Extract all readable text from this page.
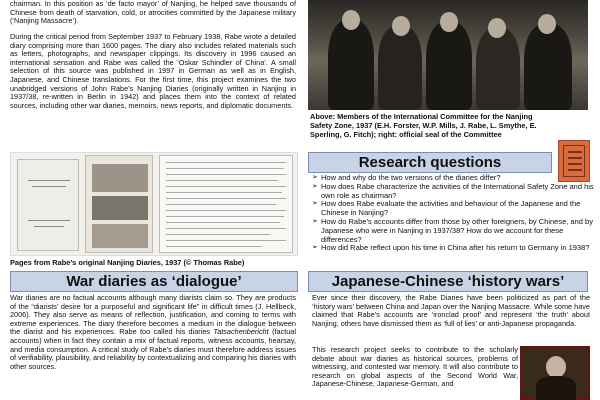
chairman. In this position as ‘de facto mayor’ of Nanjing, he helped save thousands of Chinese from death of starvation, cold, or atrocities committed by the Japanese military (‘Nanjing Massacre’).

During the critical period from September 1937 to February 1938, Rabe wrote a detailed diary comprising more than 1600 pages. The diary also includes related materials such as letters, photographs, and newspaper clippings. Its discovery in 1996 caused an international sensation and Rabe was called the ‘Oskar Schindler of China’. A small selection of this source was published in 1997 in German as well as in English, Japanese, and Chinese translations. For the first time, this project examines the two unabridged versions of John Rabe’s Nanjing Diaries (originally written in Nanjing in 1937/38, re-written in Berlin in 1942) and places them into the context of related sources, including other war diaries, memoirs, news reports, and diplomatic documents.

Pages from Rabe’s original Nanjing Diaries, 1937 (© Thomas Rabe)
War diaries as ‘dialogue’

War diaries are no factual accounts although many diarists claim so. They are products of the “diarists’ desire for a purposeful and significant life” in difficult times (J. Hellbeck, 2006). They also serve as means of reflection, justification, and coming to terms with extreme experiences. The diary therefore becomes a medium in the dialogue between the diarist and his experiences. Rabe too called his diaries Tatsachenbericht (factual accounts) when in fact they contain a mix of factual reports, witness accounts, hearsay, and media consumption. A critical study of Rabe’s diaries must therefore address issues of verifiability, plausibility, and reliability by contextualizing and comparing his diaries with other sources.

Above: Members of the International Committee for the Nanjing Safety Zone, 1937 (E.H. Forster, W.P. Mills, J. Rabe, L. Smythe, E. Sperling, G. Fitch); right: official seal of the Committee
Research questions
➢ How and why do the two versions of the diaries differ?
➢ How does Rabe characterize the activities of the International Safety Zone and his own role as chairman?
➢ How does Rabe evaluate the activities and behaviour of the Japanese and the Chinese in Nanjing?
➢ How do Rabe’s accounts differ from those by other foreigners, by Chinese, and by Japanese who were in Nanjing in 1937/38? How do we account for these differences?
➢ How did Rabe reflect upon his time in China after his return to Germany in 1938?
Japanese-Chinese ‘history wars’

Ever since their discovery, the Rabe Diaries have been politicized as part of the ‘history wars’ between China and Japan over the Nanjing Massacre. While some have claimed that Rabe’s accounts are ‘ironclad proof’ and represent ‘the truth’ about Nanjing, others have dismissed them as ‘full of lies’ or anti-Japanese propaganda.

This research project seeks to contribute to the scholarly debate about war diaries as historical sources, problems of witnessing, and contested war memory. It will also contribute to research on global aspects of the Second World War, Japanese-Chinese, Japanese-German, and
